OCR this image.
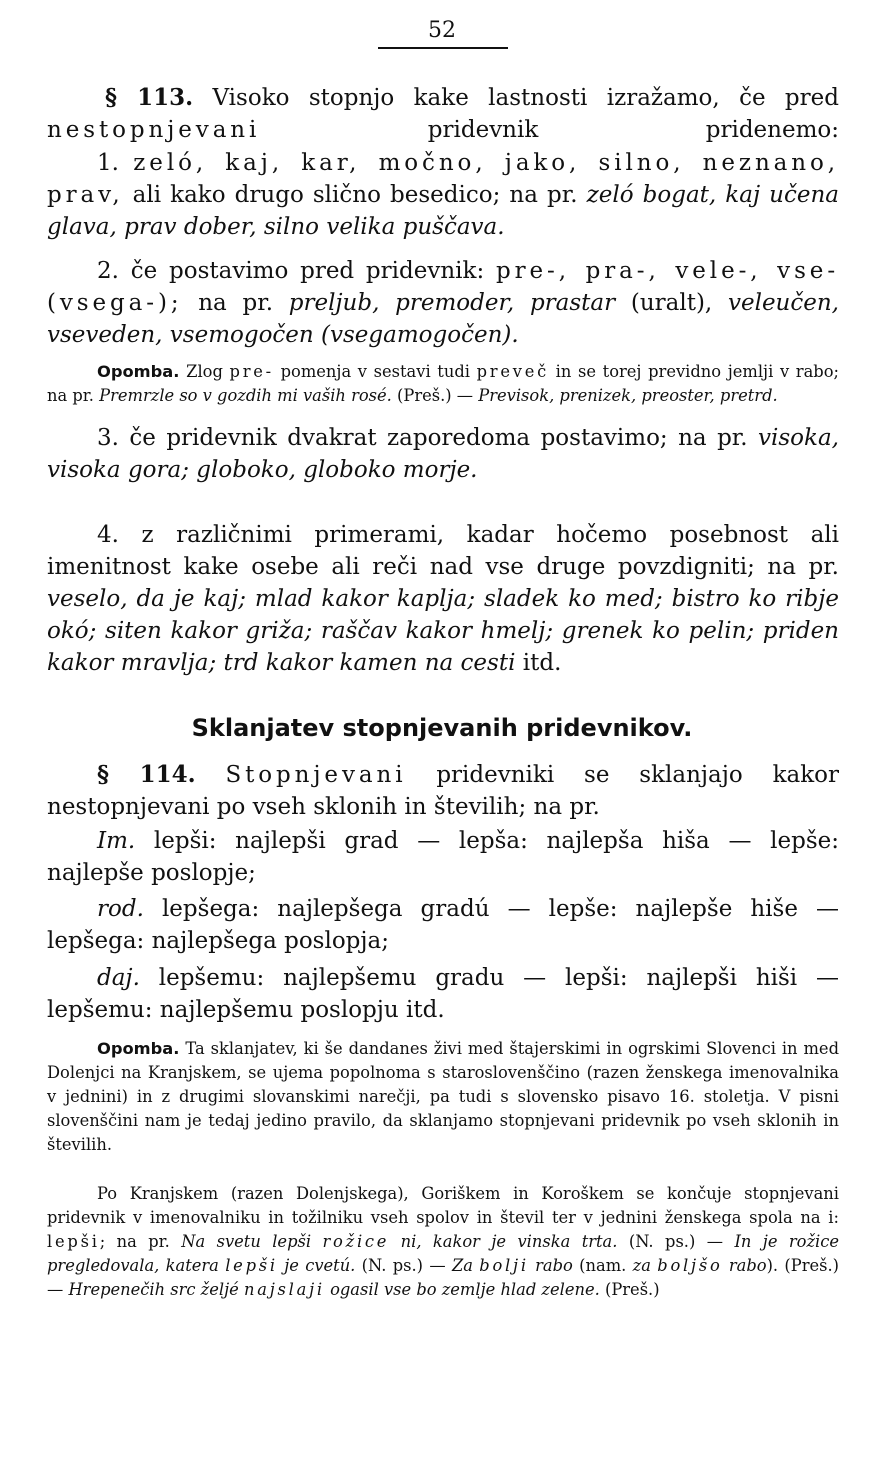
52

§ 113. Visoko stopnjo kake lastnosti izražamo, če pred nestopnjevani pridevnik pridenemo:

1. zeló, kaj, kar, močno, jako, silno, neznano, prav, ali kako drugo slično besedico; na pr. zeló bogat, kaj učena glava, prav dober, silno velika puščava.

2. če postavimo pred pridevnik: pre-, pra-, vele-, vse-(vsega-); na pr. preljub, premoder, prastar (uralt), veleučen, vseveden, vsemogočen (vsegamogočen).

Opomba. Zlog pre- pomenja v sestavi tudi preveč in se torej previdno jemlji v rabo; na pr. Premrzle so v gozdih mi vaših rosé. (Preš.) — Previsok, prenizek, preoster, pretrd.

3. če pridevnik dvakrat zaporedoma postavimo; na pr. visoka, visoka gora; globoko, globoko morje.

4. z različnimi primerami, kadar hočemo posebnost ali imenitnost kake osebe ali reči nad vse druge povzdigniti; na pr. veselo, da je kaj; mlad kakor kaplja; sladek ko med; bistro ko ribje okó; siten kakor griža; raščav kakor hmelj; grenek ko pelin; priden kakor mravlja; trd kakor kamen na cesti itd.

Sklanjatev stopnjevanih pridevnikov.

§ 114. Stopnjevani pridevniki se sklanjajo kakor nestopnjevani po vseh sklonih in številih; na pr.

Im. lepši: najlepši grad — lepša: najlepša hiša — lepše: najlepše poslopje;

rod. lepšega: najlepšega gradú — lepše: najlepše hiše — lepšega: najlepšega poslopja;

daj. lepšemu: najlepšemu gradu — lepši: najlepši hiši — lepšemu: najlepšemu poslopju itd.

Opomba. Ta sklanjatev, ki še dandanes živi med štajerskimi in ogrskimi Slovenci in med Dolenjci na Kranjskem, se ujema popolnoma s staroslovenščino (razen ženskega imenovalnika v jednini) in z drugimi slovanskimi narečji, pa tudi s slovensko pisavo 16. stoletja. V pisni slovenščini nam je tedaj jedino pravilo, da sklanjamo stopnjevani pridevnik po vseh sklonih in številih.

Po Kranjskem (razen Dolenjskega), Goriškem in Koroškem se končuje stopnjevani pridevnik v imenovalniku in tožilniku vseh spolov in števil ter v jednini ženskega spola na i: lepši; na pr. Na svetu lepši rožice ni, kakor je vinska trta. (N. ps.) — In je rožice pregledovala, katera lepši je cvetú. (N. ps.) — Za bolji rabo (nam. za boljšo rabo). (Preš.) — Hrepenečih src željé najslaji ogasil vse bo zemlje hlad zelene. (Preš.)
